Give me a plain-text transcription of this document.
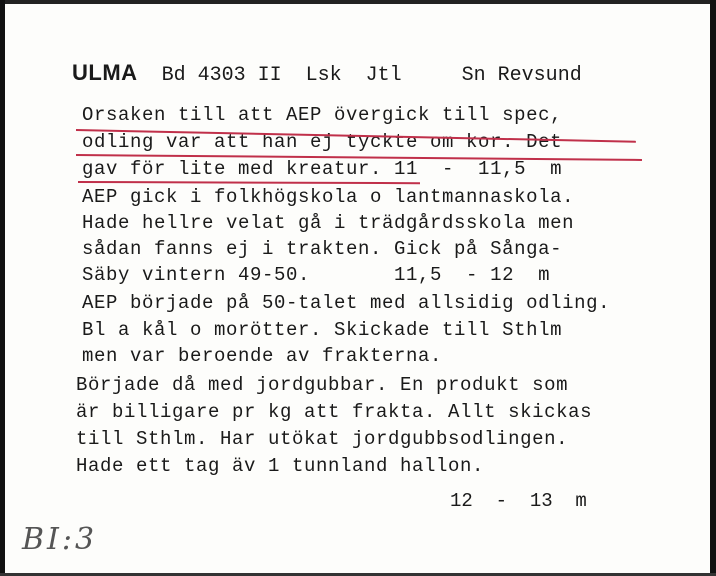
ULMA Bd 4303 II Lsk Jtl	Sn Revsund
Orsaken till att AEP övergick till spec,
odling var att han ej tyckte om kor. Det
gav för lite med kreatur. 11  -  11,5  m
AEP gick i folkhögskola o lantmannaskola.
Hade hellre velat gå i trädgårdsskola men
sådan fanns ej i trakten. Gick på Sånga-
Säby vintern 49-50.       11,5  - 12  m
AEP började på 50-talet med allsidig odling.
Bl a kål o morötter. Skickade till Sthlm
men var beroende av frakterna.
Började då med jordgubbar. En produkt som
är billigare pr kg att frakta. Allt skickas
till Sthlm. Har utökat jordgubbsodlingen.
Hade ett tag äv 1 tunnland hallon.
12  -  13  m
BI:3
